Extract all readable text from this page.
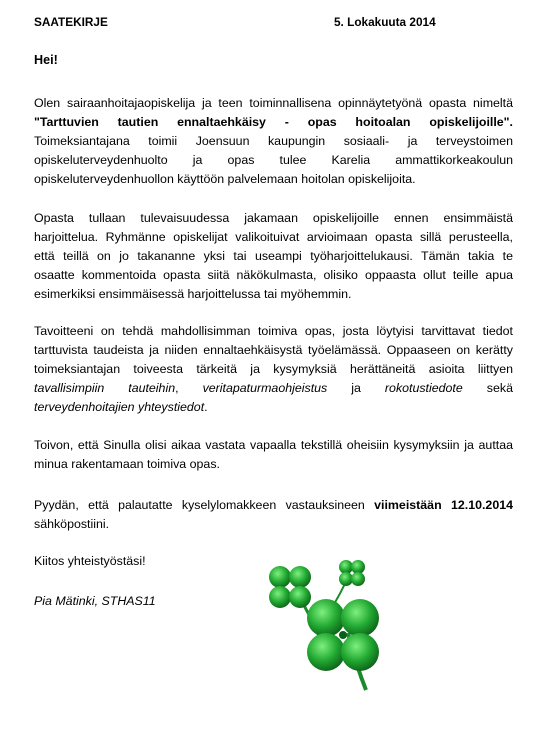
SAATEKIRJE	5. Lokakuuta 2014
Hei!
Olen sairaanhoitajaopiskelija ja teen toiminnallisena opinnäytetyönä opasta nimeltä
"Tarttuvien tautien ennaltaehkäisy - opas hoitoalan opiskelijoille".
Toimeksiantajana toimii Joensuun kaupungin sosiaali- ja terveystoimen
opiskeluterveydenhuolto ja opas tulee Karelia ammattikorkeakoulun
opiskeluterveydenhuollon käyttöön palvelemaan hoitolan opiskelijoita.
Opasta tullaan tulevaisuudessa jakamaan opiskelijoille ennen ensimmäistä
harjoittelua. Ryhmänne opiskelijat valikoituivat arvioimaan opasta sillä perusteella,
että teillä on jo takananne yksi tai useampi työharjoittelukausi. Tämän takia te
osaatte kommentoida opasta siitä näkökulmasta, olisiko oppaasta ollut teille apua
esimerkiksi ensimmäisessä harjoittelussa tai myöhemmin.
Tavoitteeni on tehdä mahdollisimman toimiva opas, josta löytyisi tarvittavat tiedot
tarttuvista taudeista ja niiden ennaltaehkäisystä työelämässä. Oppaaseen on kerätty
toimeksiantajan toiveesta tärkeitä ja kysymyksiä herättäneitä asioita liittyen
tavallisimpiin tauteihin, veritapaturmaohjeistus ja rokotustiedote sekä
terveydenhoitajien yhteystiedot.
Toivon, että Sinulla olisi aikaa vastata vapaalla tekstillä oheisiin kysymyksiin ja auttaa
minua rakentamaan toimiva opas.
Pyydän, että palautatte kyselylomakkeen vastauksineen viimeistään 12.10.2014
sähköpostiini.
Kiitos yhteistyöstäsi!
Pia Mätinki, STHAS11
